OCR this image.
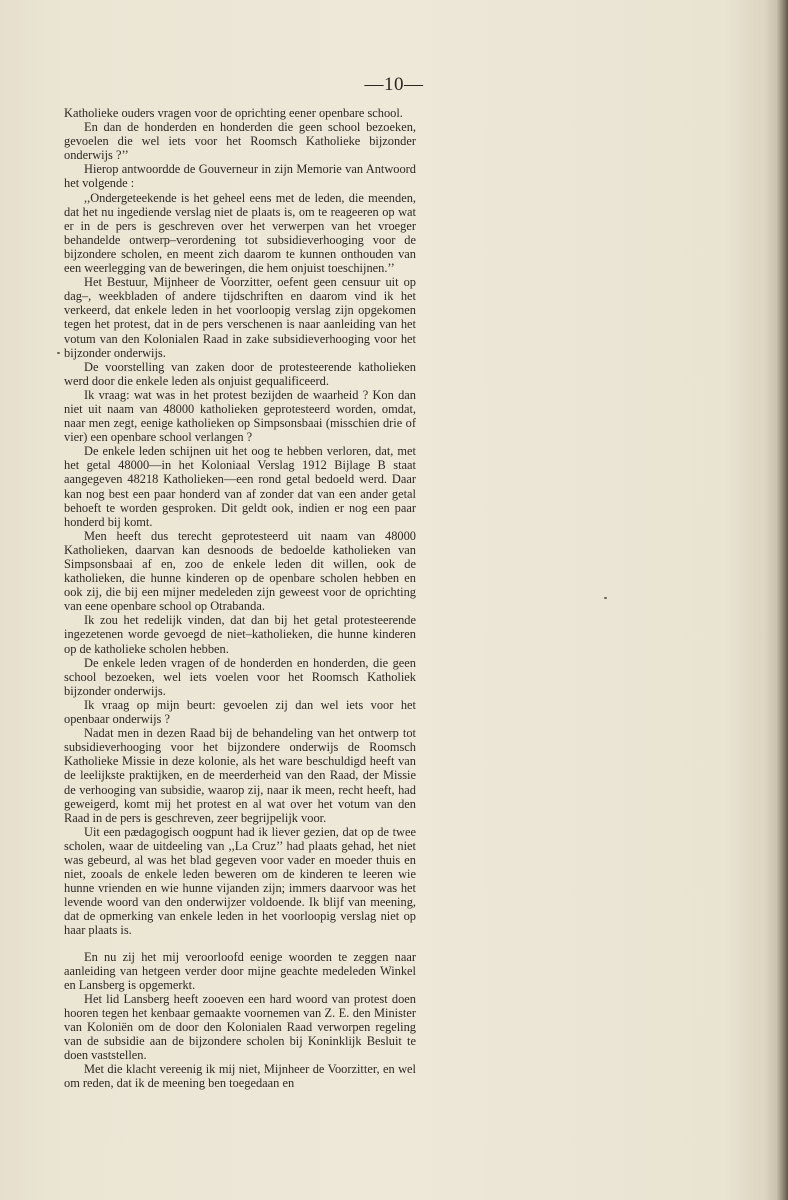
—10—

Katholieke ouders vragen voor de oprichting eener openbare school.

En dan de honderden en honderden die geen school bezoeken, gevoelen die wel iets voor het Roomsch Katholieke bijzonder onderwijs ?’’

Hierop antwoordde de Gouverneur in zijn Memorie van Antwoord het volgende :

,,Ondergeteekende is het geheel eens met de leden, die meenden, dat het nu ingediende verslag niet de plaats is, om te reageeren op wat er in de pers is geschreven over het verwerpen van het vroeger behandelde ontwerp–verordening tot subsidieverhooging voor de bijzondere scholen, en meent zich daarom te kunnen onthouden van een weerlegging van de beweringen, die hem onjuist toeschijnen.’’

Het Bestuur, Mijnheer de Voorzitter, oefent geen censuur uit op dag–, weekbladen of andere tijdschriften en daarom vind ik het verkeerd, dat enkele leden in het voorloopig verslag zijn opgekomen tegen het protest, dat in de pers verschenen is naar aanleiding van het votum van den Kolonialen Raad in zake subsidieverhooging voor het bijzonder onderwijs.

De voorstelling van zaken door de protesteerende katholieken werd door die enkele leden als onjuist gequalificeerd.

Ik vraag: wat was in het protest bezijden de waarheid ? Kon dan niet uit naam van 48000 katholieken geprotesteerd worden, omdat, naar men zegt, eenige katholieken op Simpsonsbaai (misschien drie of vier) een openbare school verlangen ?

De enkele leden schijnen uit het oog te hebben verloren, dat, met het getal 48000—in het Koloniaal Verslag 1912 Bijlage B staat aangegeven 48218 Katholieken—een rond getal bedoeld werd. Daar kan nog best een paar honderd van af zonder dat van een ander getal behoeft te worden gesproken. Dit geldt ook, indien er nog een paar honderd bij komt.

Men heeft dus terecht geprotesteerd uit naam van 48000 Katholieken, daarvan kan desnoods de bedoelde katholieken van Simpsonsbaai af en, zoo de enkele leden dit willen, ook de katholieken, die hunne kinderen op de openbare scholen hebben en ook zij, die bij een mijner medeleden zijn geweest voor de oprichting van eene openbare school op Otrabanda.

Ik zou het redelijk vinden, dat dan bij het getal protesteerende ingezetenen worde gevoegd de niet–katholieken, die hunne kinderen op de katholieke scholen hebben.

De enkele leden vragen of de honderden en honderden, die geen school bezoeken, wel iets voelen voor het Roomsch Katholiek bijzonder onderwijs.

Ik vraag op mijn beurt: gevoelen zij dan wel iets voor het openbaar onderwijs ?

Nadat men in dezen Raad bij de behandeling van het ontwerp tot subsidieverhooging voor het bijzondere onderwijs de Roomsch Katholieke Missie in deze kolonie, als het ware beschuldigd heeft van de leelijkste praktijken, en de meerderheid van den Raad, der Missie de verhooging van subsidie, waarop zij, naar ik meen, recht heeft, had geweigerd, komt mij het protest en al wat over het votum van den Raad in de pers is geschreven, zeer begrijpelijk voor.

Uit een pædagogisch oogpunt had ik liever gezien, dat op de twee scholen, waar de uitdeeling van ,,La Cruz’’ had plaats gehad, het niet was gebeurd, al was het blad gegeven voor vader en moeder thuis en niet, zooals de enkele leden beweren om de kinderen te leeren wie hunne vrienden en wie hunne vijanden zijn; immers daarvoor was het levende woord van den onderwijzer voldoende. Ik blijf van meening, dat de opmerking van enkele leden in het voorloopig verslag niet op haar plaats is.

En nu zij het mij veroorloofd eenige woorden te zeggen naar aanleiding van hetgeen verder door mijne geachte medeleden Winkel en Lansberg is opgemerkt.

Het lid Lansberg heeft zooeven een hard woord van protest doen hooren tegen het kenbaar gemaakte voornemen van Z. E. den Minister van Koloniën om de door den Kolonialen Raad verworpen regeling van de subsidie aan de bijzondere scholen bij Koninklijk Besluit te doen vaststellen.

Met die klacht vereenig ik mij niet, Mijnheer de Voorzitter, en wel om reden, dat ik de meening ben toegedaan en
